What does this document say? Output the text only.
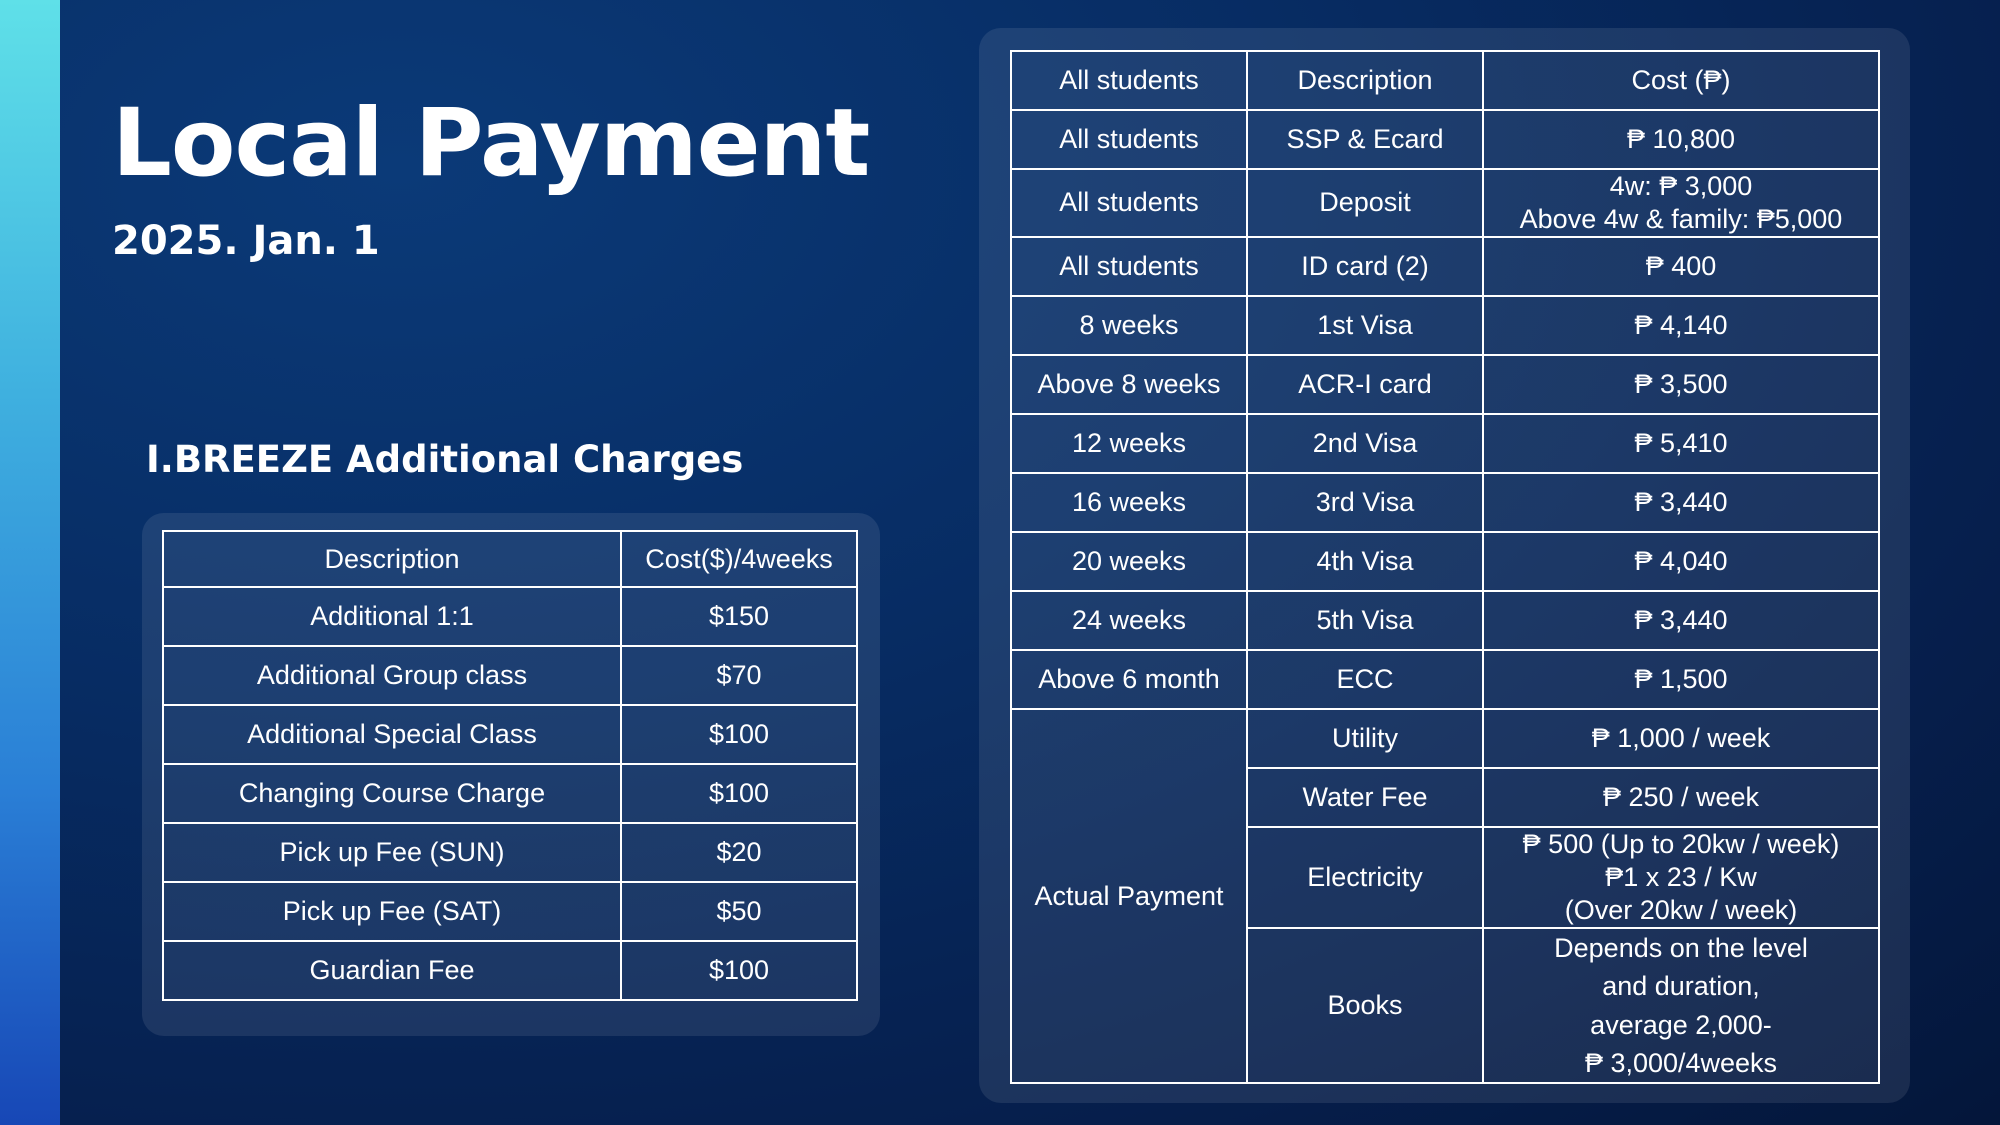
Local Payment
2025. Jan. 1
I.BREEZE Additional Charges
Description	Cost($)/4weeks
Additional 1:1	$150
Additional Group class	$70
Additional Special Class	$100
Changing Course Charge	$100
Pick up Fee (SUN)	$20
Pick up Fee (SAT)	$50
Guardian Fee	$100
All students	Description	Cost (₱)
All students	SSP & Ecard	₱ 10,800
All students	Deposit	4w: ₱ 3,000
Above 4w & family: ₱5,000

All students	ID card (2)	₱ 400
8 weeks	1st Visa	₱ 4,140
Above 8 weeks	ACR-I card	₱ 3,500
12 weeks	2nd Visa	₱ 5,410
16 weeks	3rd Visa	₱ 3,440
20 weeks	4th Visa	₱ 4,040
24 weeks	5th Visa	₱ 3,440
Above 6 month	ECC	₱ 1,500
Actual Payment	Utility	₱ 1,000 / week
	Water Fee	₱ 250 / week
	Electricity	₱ 500 (Up to 20kw / week)
₱1 x 23 / Kw
(Over 20kw / week)

	Books	Depends on the level
and duration,
average 2,000-
₱ 3,000/4weeks
